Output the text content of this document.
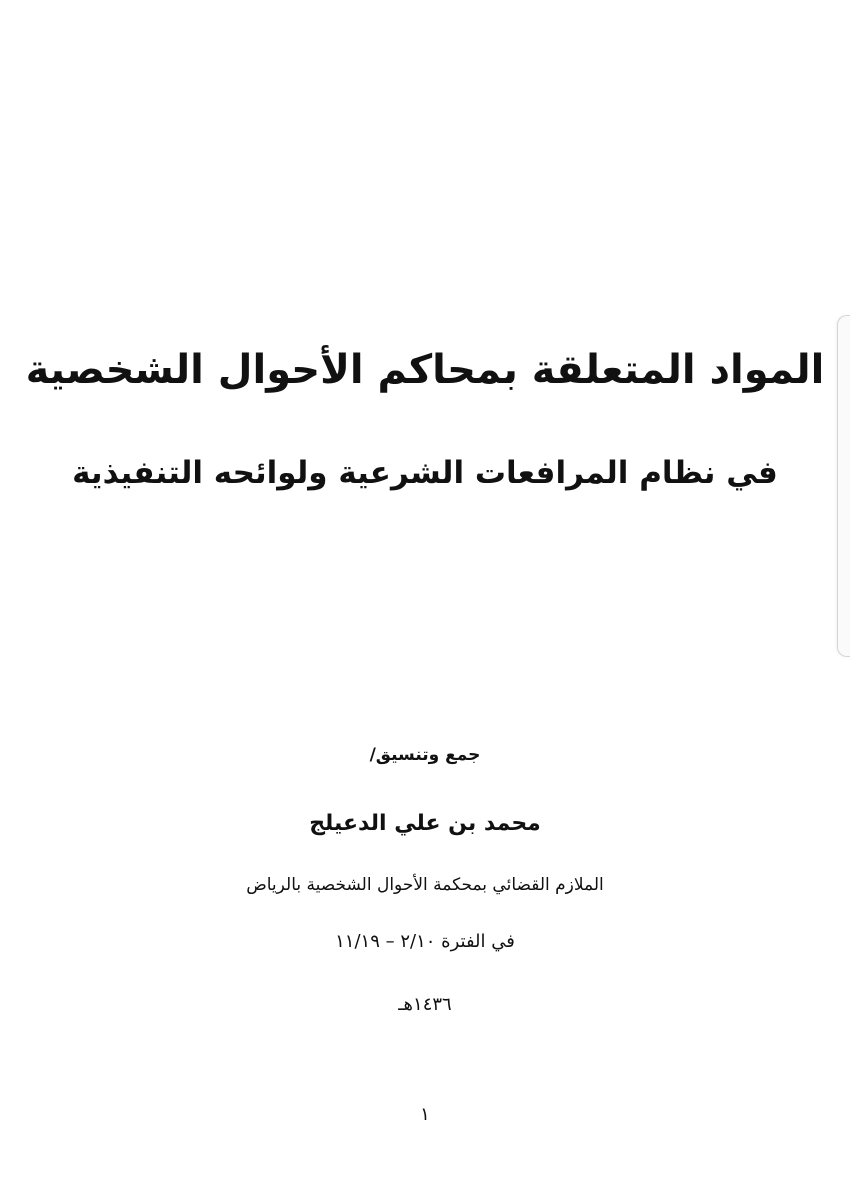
المواد المتعلقة بمحاكم الأحوال الشخصية
في نظام المرافعات الشرعية ولوائحه التنفيذية
جمع وتنسيق/
محمد بن علي الدعيلج
الملازم القضائي بمحكمة الأحوال الشخصية بالرياض
في الفترة ٢/١٠ – ١١/١٩
١٤٣٦هـ
١
